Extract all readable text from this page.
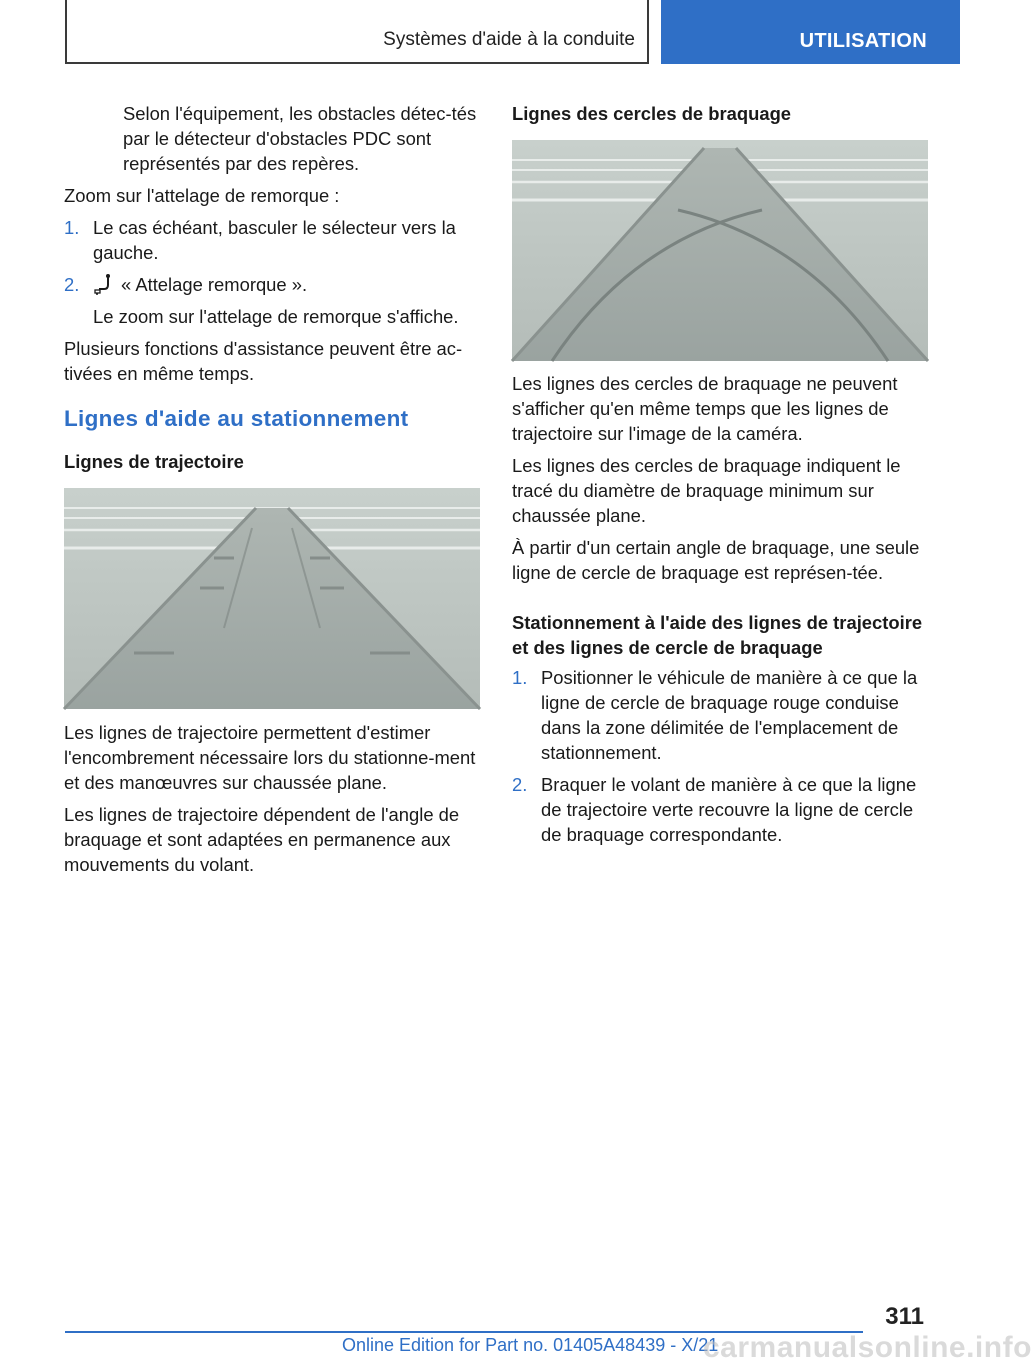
Systèmes d'aide à la conduite	UTILISATION

Selon l'équipement, les obstacles détec-tés par le détecteur d'obstacles PDC sont représentés par des repères.

Zoom sur l'attelage de remorque :

1. Le cas échéant, basculer le sélecteur vers la gauche.
2. « Attelage remorque ».

Le zoom sur l'attelage de remorque s'affiche.

Plusieurs fonctions d'assistance peuvent être ac-tivées en même temps.

Lignes d'aide au stationnement
Lignes de trajectoire

Les lignes de trajectoire permettent d'estimer l'encombrement nécessaire lors du stationne-ment et des manœuvres sur chaussée plane.

Les lignes de trajectoire dépendent de l'angle de braquage et sont adaptées en permanence aux mouvements du volant.

Lignes des cercles de braquage

Les lignes des cercles de braquage ne peuvent s'afficher qu'en même temps que les lignes de trajectoire sur l'image de la caméra.

Les lignes des cercles de braquage indiquent le tracé du diamètre de braquage minimum sur chaussée plane.

À partir d'un certain angle de braquage, une seule ligne de cercle de braquage est représen-tée.

Stationnement à l'aide des lignes de trajectoire et des lignes de cercle de braquage
1. Positionner le véhicule de manière à ce que la ligne de cercle de braquage rouge conduise dans la zone délimitée de l'emplacement de stationnement.
2. Braquer le volant de manière à ce que la ligne de trajectoire verte recouvre la ligne de cercle de braquage correspondante.
311
Online Edition for Part no. 01405A48439 - X/21
carmanualsonline.info
